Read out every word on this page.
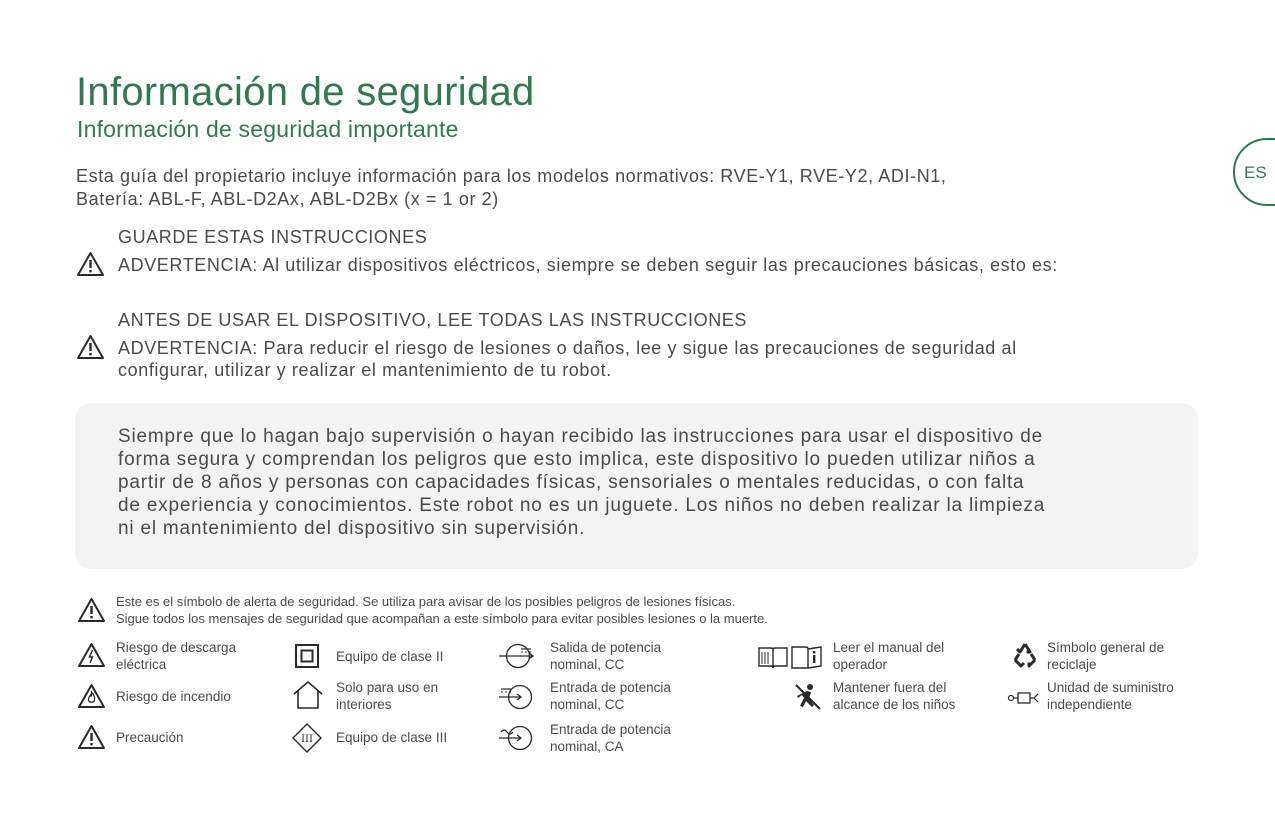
Información de seguridad
Información de seguridad importante
ES
Esta guía del propietario incluye información para los modelos normativos: RVE-Y1, RVE-Y2, ADI-N1,
Batería: ABL-F, ABL-D2Ax, ABL-D2Bx (x = 1 or 2)
GUARDE ESTAS INSTRUCCIONES
ADVERTENCIA: Al utilizar dispositivos eléctricos, siempre se deben seguir las precauciones básicas, esto es:
ANTES DE USAR EL DISPOSITIVO, LEE TODAS LAS INSTRUCCIONES
ADVERTENCIA: Para reducir el riesgo de lesiones o daños, lee y sigue las precauciones de seguridad al
configurar, utilizar y realizar el mantenimiento de tu robot.

Siempre que lo hagan bajo supervisión o hayan recibido las instrucciones para usar el dispositivo de
forma segura y comprendan los peligros que esto implica, este dispositivo lo pueden utilizar niños a
partir de 8 años y personas con capacidades físicas, sensoriales o mentales reducidas, o con falta
de experiencia y conocimientos. Este robot no es un juguete. Los niños no deben realizar la limpieza
ni el mantenimiento del dispositivo sin supervisión.

Este es el símbolo de alerta de seguridad. Se utiliza para avisar de los posibles peligros de lesiones físicas.
Sigue todos los mensajes de seguridad que acompañan a este símbolo para evitar posibles lesiones o la muerte.
Riesgo de descarga
eléctrica
Riesgo de incendio
Precaución
Equipo de clase II
Solo para uso en
interiores
III Equipo de clase III
Salida de potencia
nominal, CC
Entrada de potencia
nominal, CC
Entrada de potencia
nominal, CA
Leer el manual del
operador
Mantener fuera del
alcance de los niños
Símbolo general de
reciclaje
Unidad de suministro
independiente
